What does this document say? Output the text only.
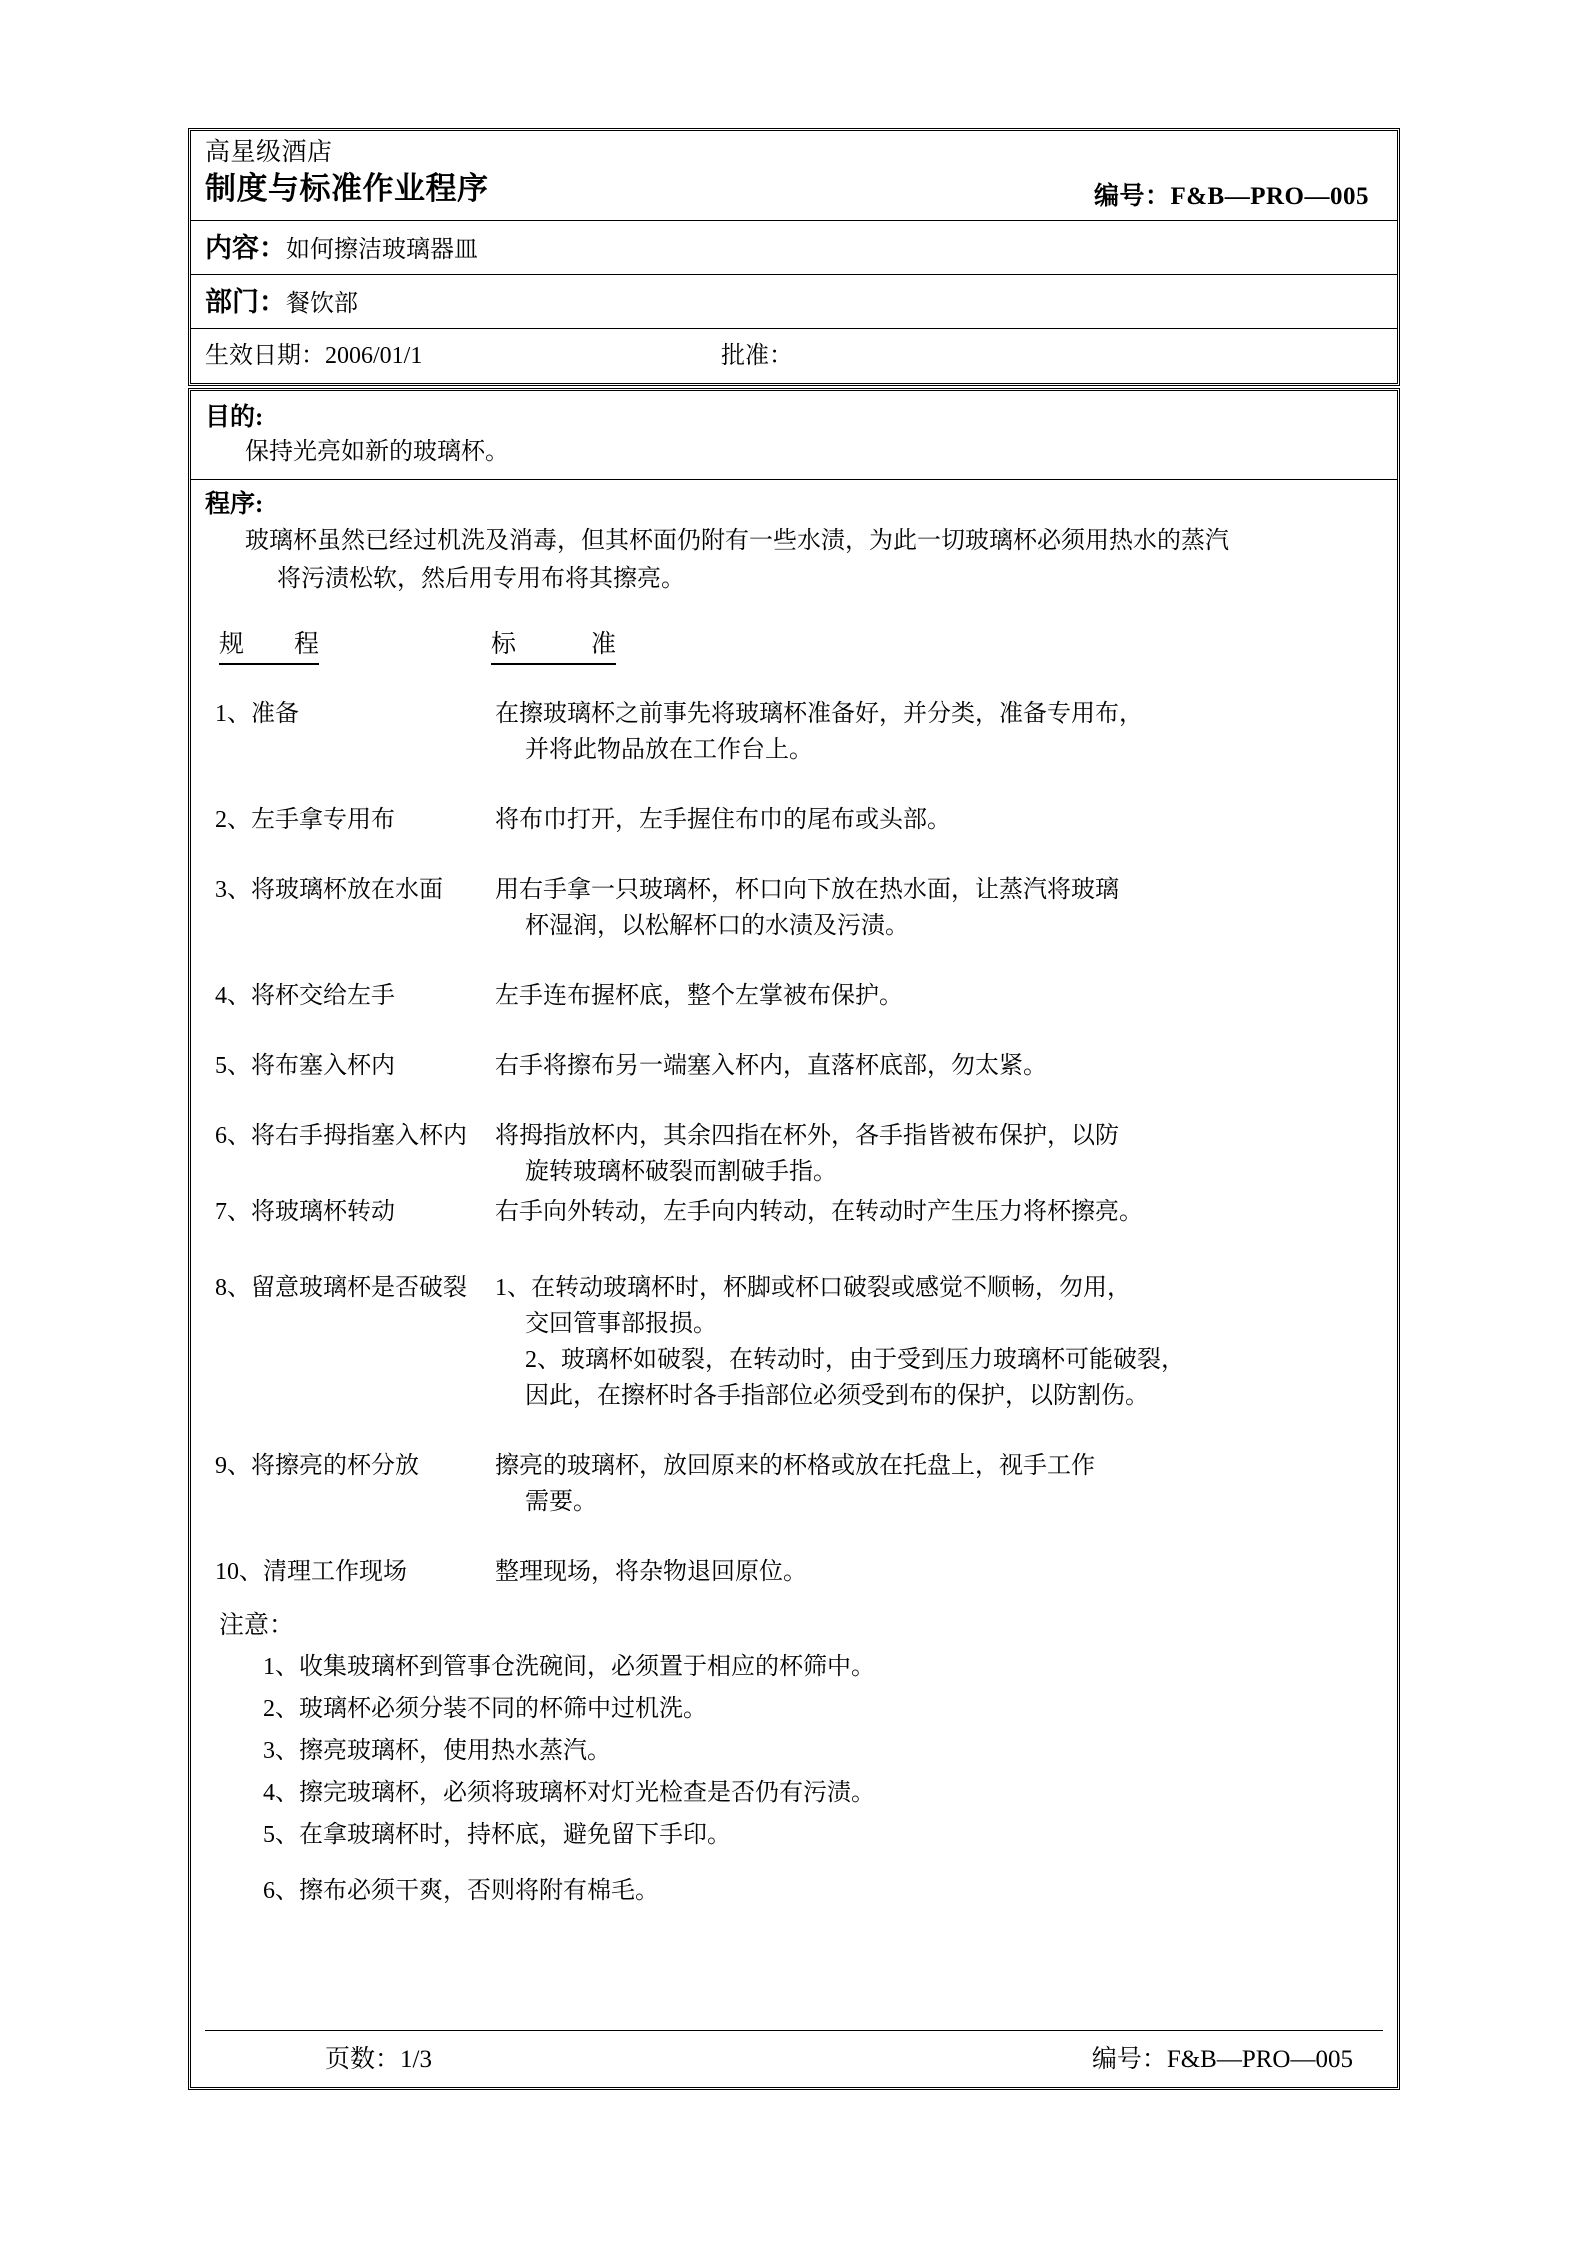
高星级酒店
制度与标准作业程序	编号：F&B—PRO—005
内容：如何擦洁玻璃器皿
部门：餐饮部
生效日期：2006/01/1	批准：
目的:
保持光亮如新的玻璃杯。
程序:
玻璃杯虽然已经过机洗及消毒，但其杯面仍附有一些水渍，为此一切玻璃杯必须用热水的蒸汽
将污渍松软，然后用专用布将其擦亮。
规        程	标            准
1、准备	在擦玻璃杯之前事先将玻璃杯准备好，并分类，准备专用布，
并将此物品放在工作台上。
2、左手拿专用布	将布巾打开，左手握住布巾的尾布或头部。
3、将玻璃杯放在水面	用右手拿一只玻璃杯，杯口向下放在热水面，让蒸汽将玻璃
杯湿润，以松解杯口的水渍及污渍。
4、将杯交给左手	左手连布握杯底，整个左掌被布保护。
5、将布塞入杯内	右手将擦布另一端塞入杯内，直落杯底部，勿太紧。
6、将右手拇指塞入杯内	将拇指放杯内，其余四指在杯外，各手指皆被布保护，以防
旋转玻璃杯破裂而割破手指。
7、将玻璃杯转动	右手向外转动，左手向内转动，在转动时产生压力将杯擦亮。
8、留意玻璃杯是否破裂	1、在转动玻璃杯时，杯脚或杯口破裂或感觉不顺畅，勿用，
交回管事部报损。
2、玻璃杯如破裂，在转动时，由于受到压力玻璃杯可能破裂，
因此，在擦杯时各手指部位必须受到布的保护，以防割伤。
9、将擦亮的杯分放	擦亮的玻璃杯，放回原来的杯格或放在托盘上，视手工作
需要。
10、清理工作现场	整理现场，将杂物退回原位。
注意：
1、收集玻璃杯到管事仓洗碗间，必须置于相应的杯筛中。
2、玻璃杯必须分装不同的杯筛中过机洗。
3、擦亮玻璃杯，使用热水蒸汽。
4、擦完玻璃杯，必须将玻璃杯对灯光检查是否仍有污渍。
5、在拿玻璃杯时，持杯底，避免留下手印。
6、擦布必须干爽，否则将附有棉毛。
页数：1/3	编号：F&B—PRO—005
